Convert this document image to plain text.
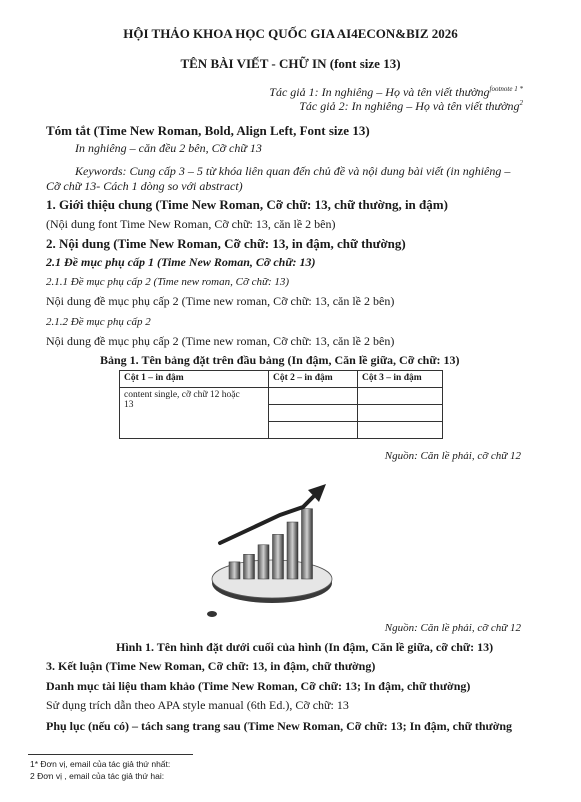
HỘI THẢO KHOA HỌC QUỐC GIA AI4ECON&BIZ 2026
TÊN BÀI VIẾT - CHỮ IN (font size 13)
Tác giả 1: In nghiêng – Họ và tên viết thường$^{footnote 1 *}$
Tác giả 2: In nghiêng – Họ và tên viết thường$^2$
Tóm tắt (Time New Roman, Bold, Align Left, Font size 13)
In nghiêng – căn đều 2 bên, Cỡ chữ 13
Keywords: Cung cấp 3 – 5 từ khóa liên quan đến chủ đề và nội dung bài viết (in nghiêng –
Cỡ chữ 13- Cách 1 dòng so với abstract)
1. Giới thiệu chung (Time New Roman, Cỡ chữ: 13, chữ thường, in đậm)
(Nội dung font Time New Roman, Cỡ chữ: 13, căn lề 2 bên)
2. Nội dung (Time New Roman, Cỡ chữ: 13, in đậm, chữ thường)
2.1 Đề mục phụ cấp 1 (Time New Roman, Cỡ chữ: 13)
2.1.1 Đề mục phụ cấp 2 (Time new roman, Cỡ chữ: 13)
Nội dung đề mục phụ cấp 2 (Time new roman, Cỡ chữ: 13, căn lề 2 bên)
2.1.2 Đề mục phụ cấp 2
Nội dung đề mục phụ cấp 2 (Time new roman, Cỡ chữ: 13, căn lề 2 bên)
Bảng 1. Tên bảng đặt trên đầu bảng (In đậm, Căn lề giữa, Cỡ chữ: 13)
Cột 1 – in đậm	Cột 2 – in đậm	Cột 3 – in đậm
content single, cỡ chữ 12 hoặc
13		

Nguồn: Căn lề phải, cỡ chữ 12
Nguồn: Căn lề phải, cỡ chữ 12
Hình 1. Tên hình đặt dưới cuối của hình (In đậm, Căn lề giữa, cỡ chữ: 13)
3. Kết luận (Time New Roman, Cỡ chữ: 13, in đậm, chữ thường)
Danh mục tài liệu tham khảo (Time New Roman, Cỡ chữ: 13; In đậm, chữ thường)
Sử dụng trích dẫn theo APA style manual (6th Ed.), Cỡ chữ: 13
Phụ lục (nếu có) – tách sang trang sau (Time New Roman, Cỡ chữ: 13; In đậm, chữ thường
1* Đơn vị, email của tác giả thứ nhất:
2 Đơn vị , email của tác giả thứ hai:
